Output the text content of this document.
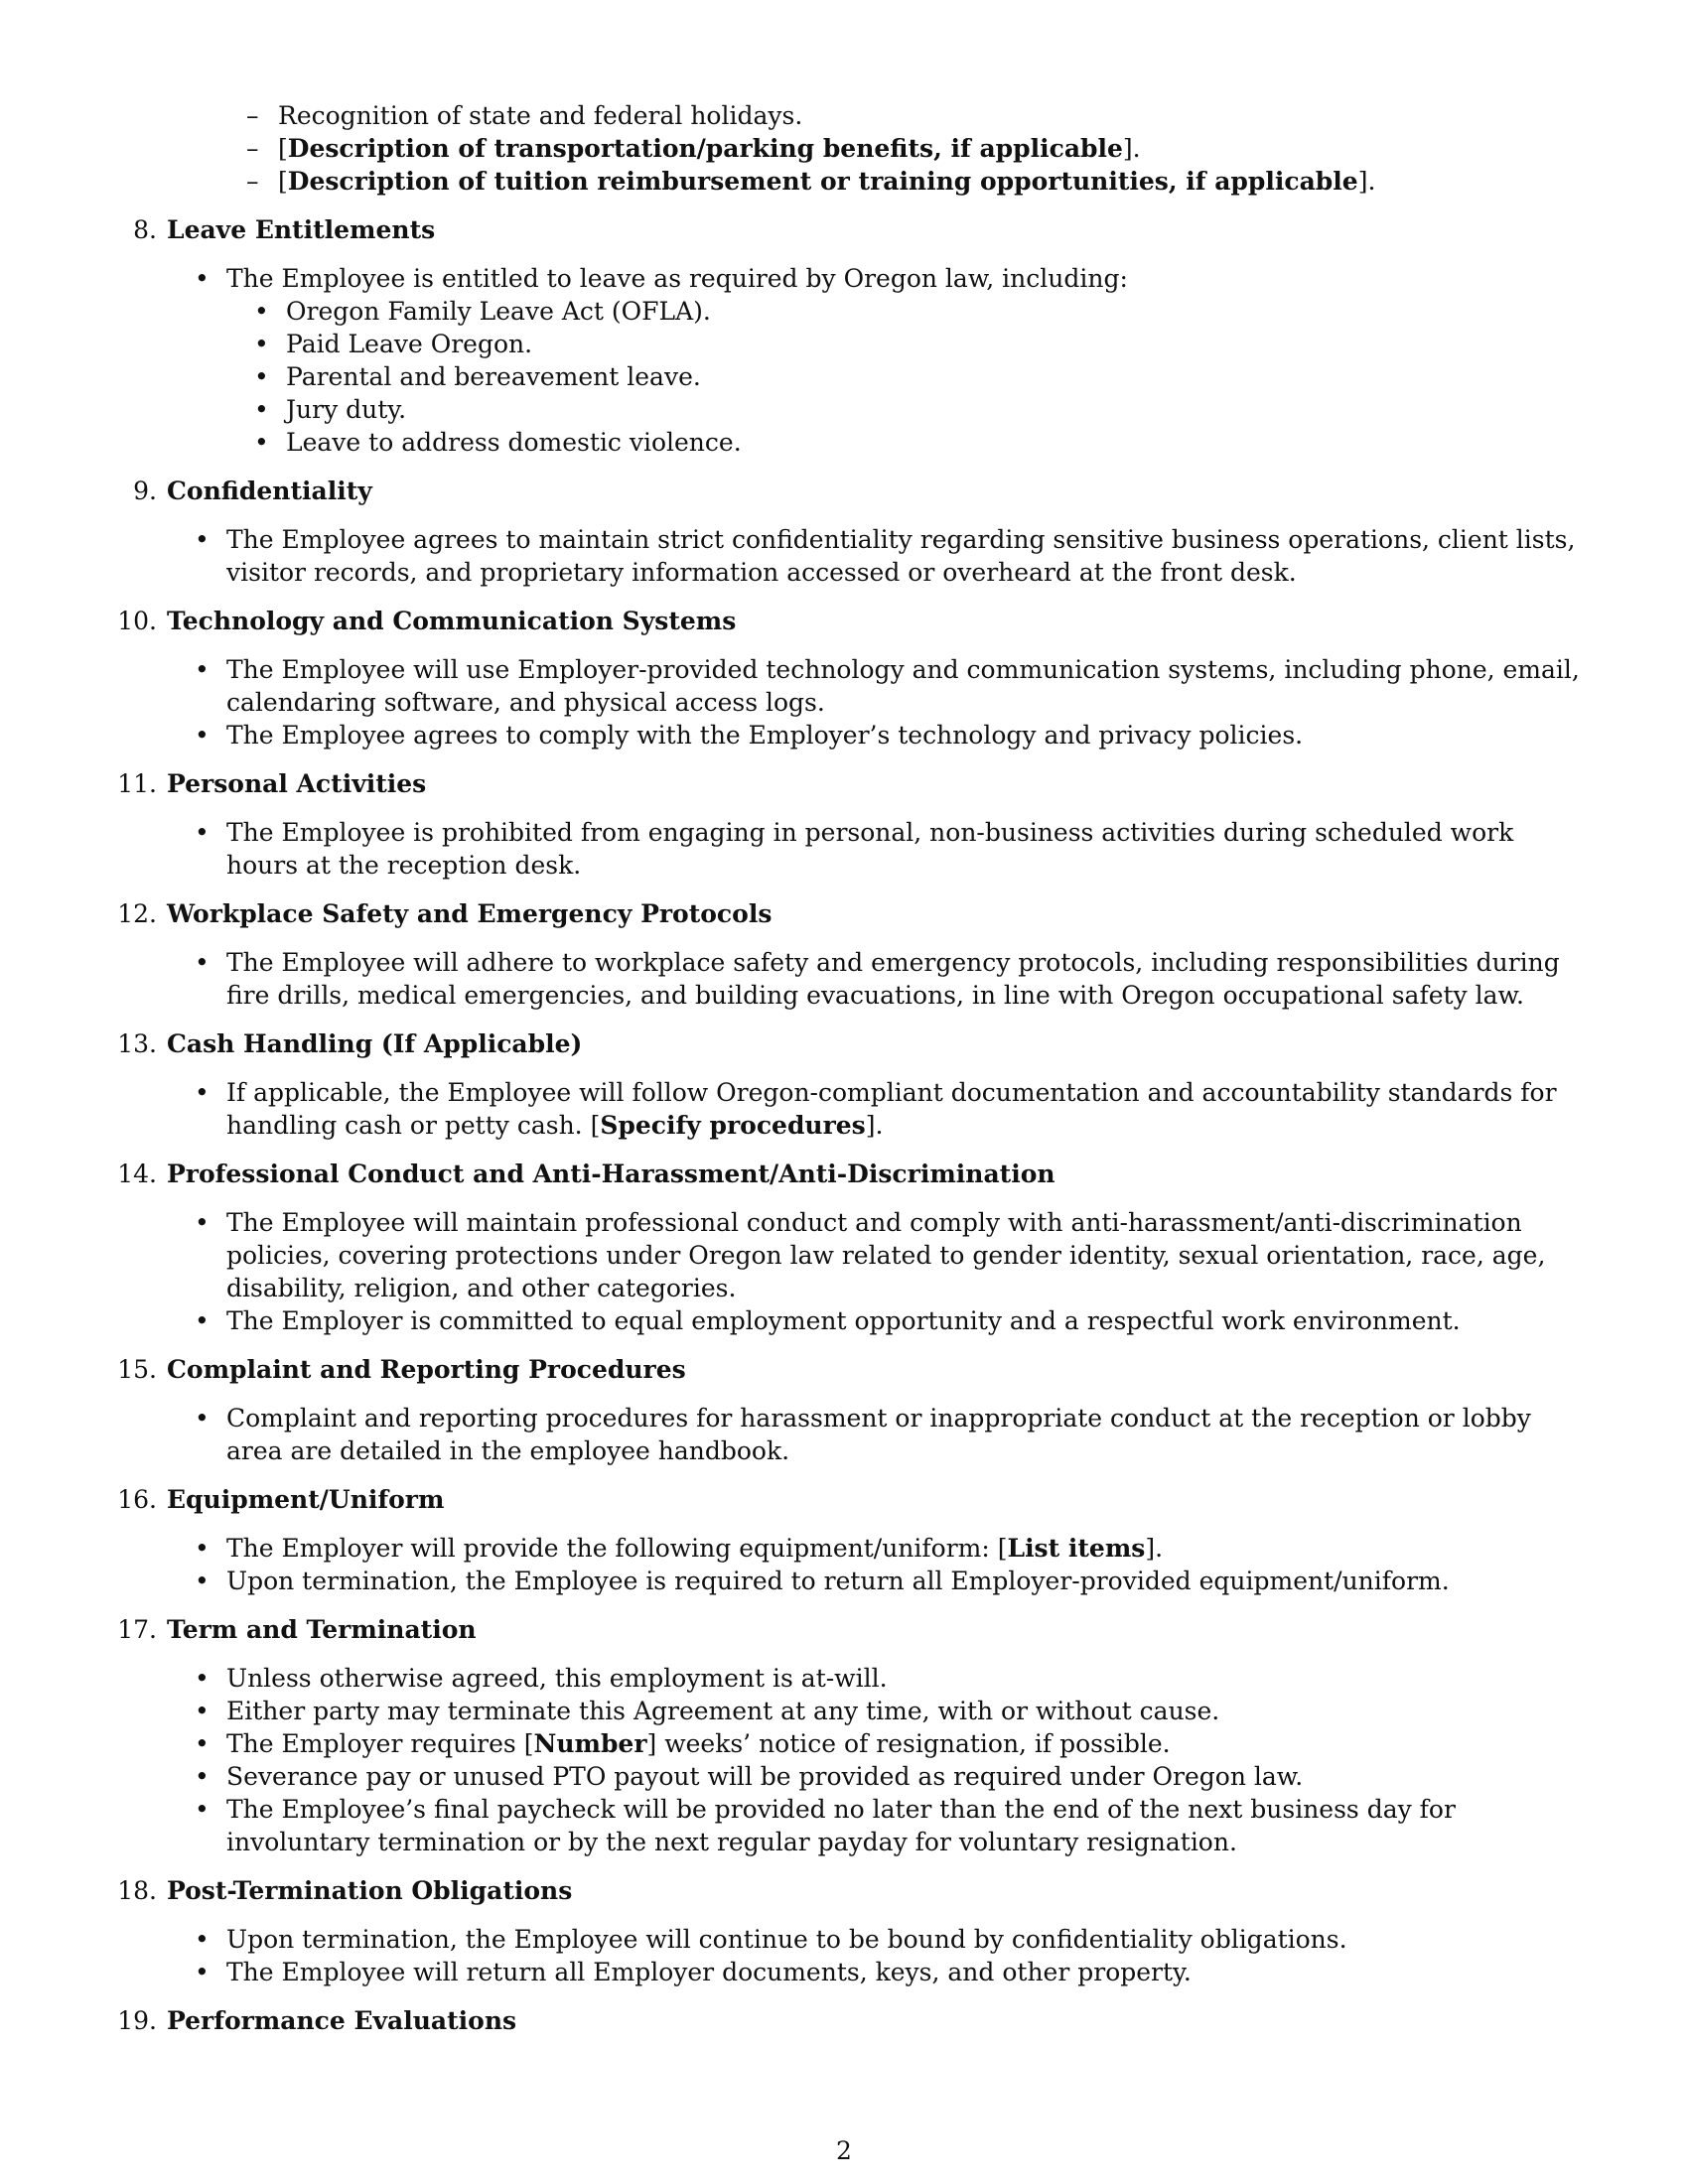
– Recognition of state and federal holidays.
– [Description of transportation/parking benefits, if applicable].
– [Description of tuition reimbursement or training opportunities, if applicable].
8. Leave Entitlements
• The Employee is entitled to leave as required by Oregon law, including:
• Oregon Family Leave Act (OFLA).
• Paid Leave Oregon.
• Parental and bereavement leave.
• Jury duty.
• Leave to address domestic violence.
9. Confidentiality
• The Employee agrees to maintain strict confidentiality regarding sensitive business operations, client lists, visitor records, and proprietary information accessed or overheard at the front desk.
10. Technology and Communication Systems
• The Employee will use Employer-provided technology and communication systems, including phone, email, calendaring software, and physical access logs.
• The Employee agrees to comply with the Employer’s technology and privacy policies.
11. Personal Activities
• The Employee is prohibited from engaging in personal, non-business activities during scheduled work hours at the reception desk.
12. Workplace Safety and Emergency Protocols
• The Employee will adhere to workplace safety and emergency protocols, including responsibilities during fire drills, medical emergencies, and building evacuations, in line with Oregon occupational safety law.
13. Cash Handling (If Applicable)
• If applicable, the Employee will follow Oregon-compliant documentation and accountability standards for handling cash or petty cash. [Specify procedures].
14. Professional Conduct and Anti-Harassment/Anti-Discrimination
• The Employee will maintain professional conduct and comply with anti-harassment/anti-discrimination policies, covering protections under Oregon law related to gender identity, sexual orientation, race, age, disability, religion, and other categories.
• The Employer is committed to equal employment opportunity and a respectful work environment.
15. Complaint and Reporting Procedures
• Complaint and reporting procedures for harassment or inappropriate conduct at the reception or lobby area are detailed in the employee handbook.
16. Equipment/Uniform
• The Employer will provide the following equipment/uniform: [List items].
• Upon termination, the Employee is required to return all Employer-provided equipment/uniform.
17. Term and Termination
• Unless otherwise agreed, this employment is at-will.
• Either party may terminate this Agreement at any time, with or without cause.
• The Employer requires [Number] weeks’ notice of resignation, if possible.
• Severance pay or unused PTO payout will be provided as required under Oregon law.
• The Employee’s final paycheck will be provided no later than the end of the next business day for involuntary termination or by the next regular payday for voluntary resignation.
18. Post-Termination Obligations
• Upon termination, the Employee will continue to be bound by confidentiality obligations.
• The Employee will return all Employer documents, keys, and other property.
19. Performance Evaluations
2
